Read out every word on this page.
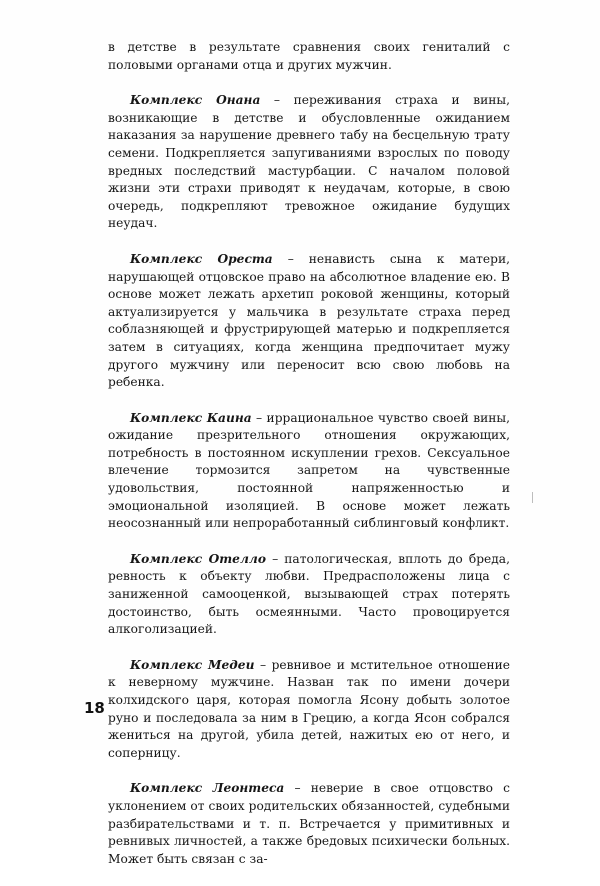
в детстве в результате сравнения своих гениталий с половыми органами отца и других мужчин.

Комплекс Онана – переживания страха и вины, возникающие в детстве и обусловленные ожиданием наказания за нарушение древнего табу на бесцельную трату семени. Подкрепляется запугиваниями взрослых по поводу вредных последствий мастурбации. С началом половой жизни эти страхи приводят к неудачам, которые, в свою очередь, подкрепляют тревожное ожидание будущих неудач.

Комплекс Ореста – ненависть сына к матери, нарушающей отцовское право на абсолютное владение ею. В основе может лежать архетип роковой женщины, который актуализируется у мальчика в результате страха перед соблазняющей и фрустрирующей матерью и подкрепляется затем в ситуациях, когда женщина предпочитает мужу другого мужчину или переносит всю свою любовь на ребенка.

Комплекс Каина – иррациональное чувство своей вины, ожидание презрительного отношения окружающих, потребность в постоянном искуплении грехов. Сексуальное влечение тормозится запретом на чувственные удовольствия, постоянной напряженностью и эмоциональной изоляцией. В основе может лежать неосознанный или непроработанный сиблинговый конфликт.

Комплекс Отелло – патологическая, вплоть до бреда, ревность к объекту любви. Предрасположены лица с заниженной самооценкой, вызывающей страх потерять достоинство, быть осмеянными. Часто провоцируется алкоголизацией.

Комплекс Медеи – ревнивое и мстительное отношение к неверному мужчине. Назван так по имени дочери колхидского царя, которая помогла Ясону добыть золотое руно и последовала за ним в Грецию, а когда Ясон собрался жениться на другой, убила детей, нажитых ею от него, и соперницу.

Комплекс Леонтеса – неверие в свое отцовство с уклонением от своих родительских обязанностей, судебными разбирательствами и т. п. Встречается у примитивных и ревнивых личностей, а также бредовых психически больных. Может быть связан с за-

18
